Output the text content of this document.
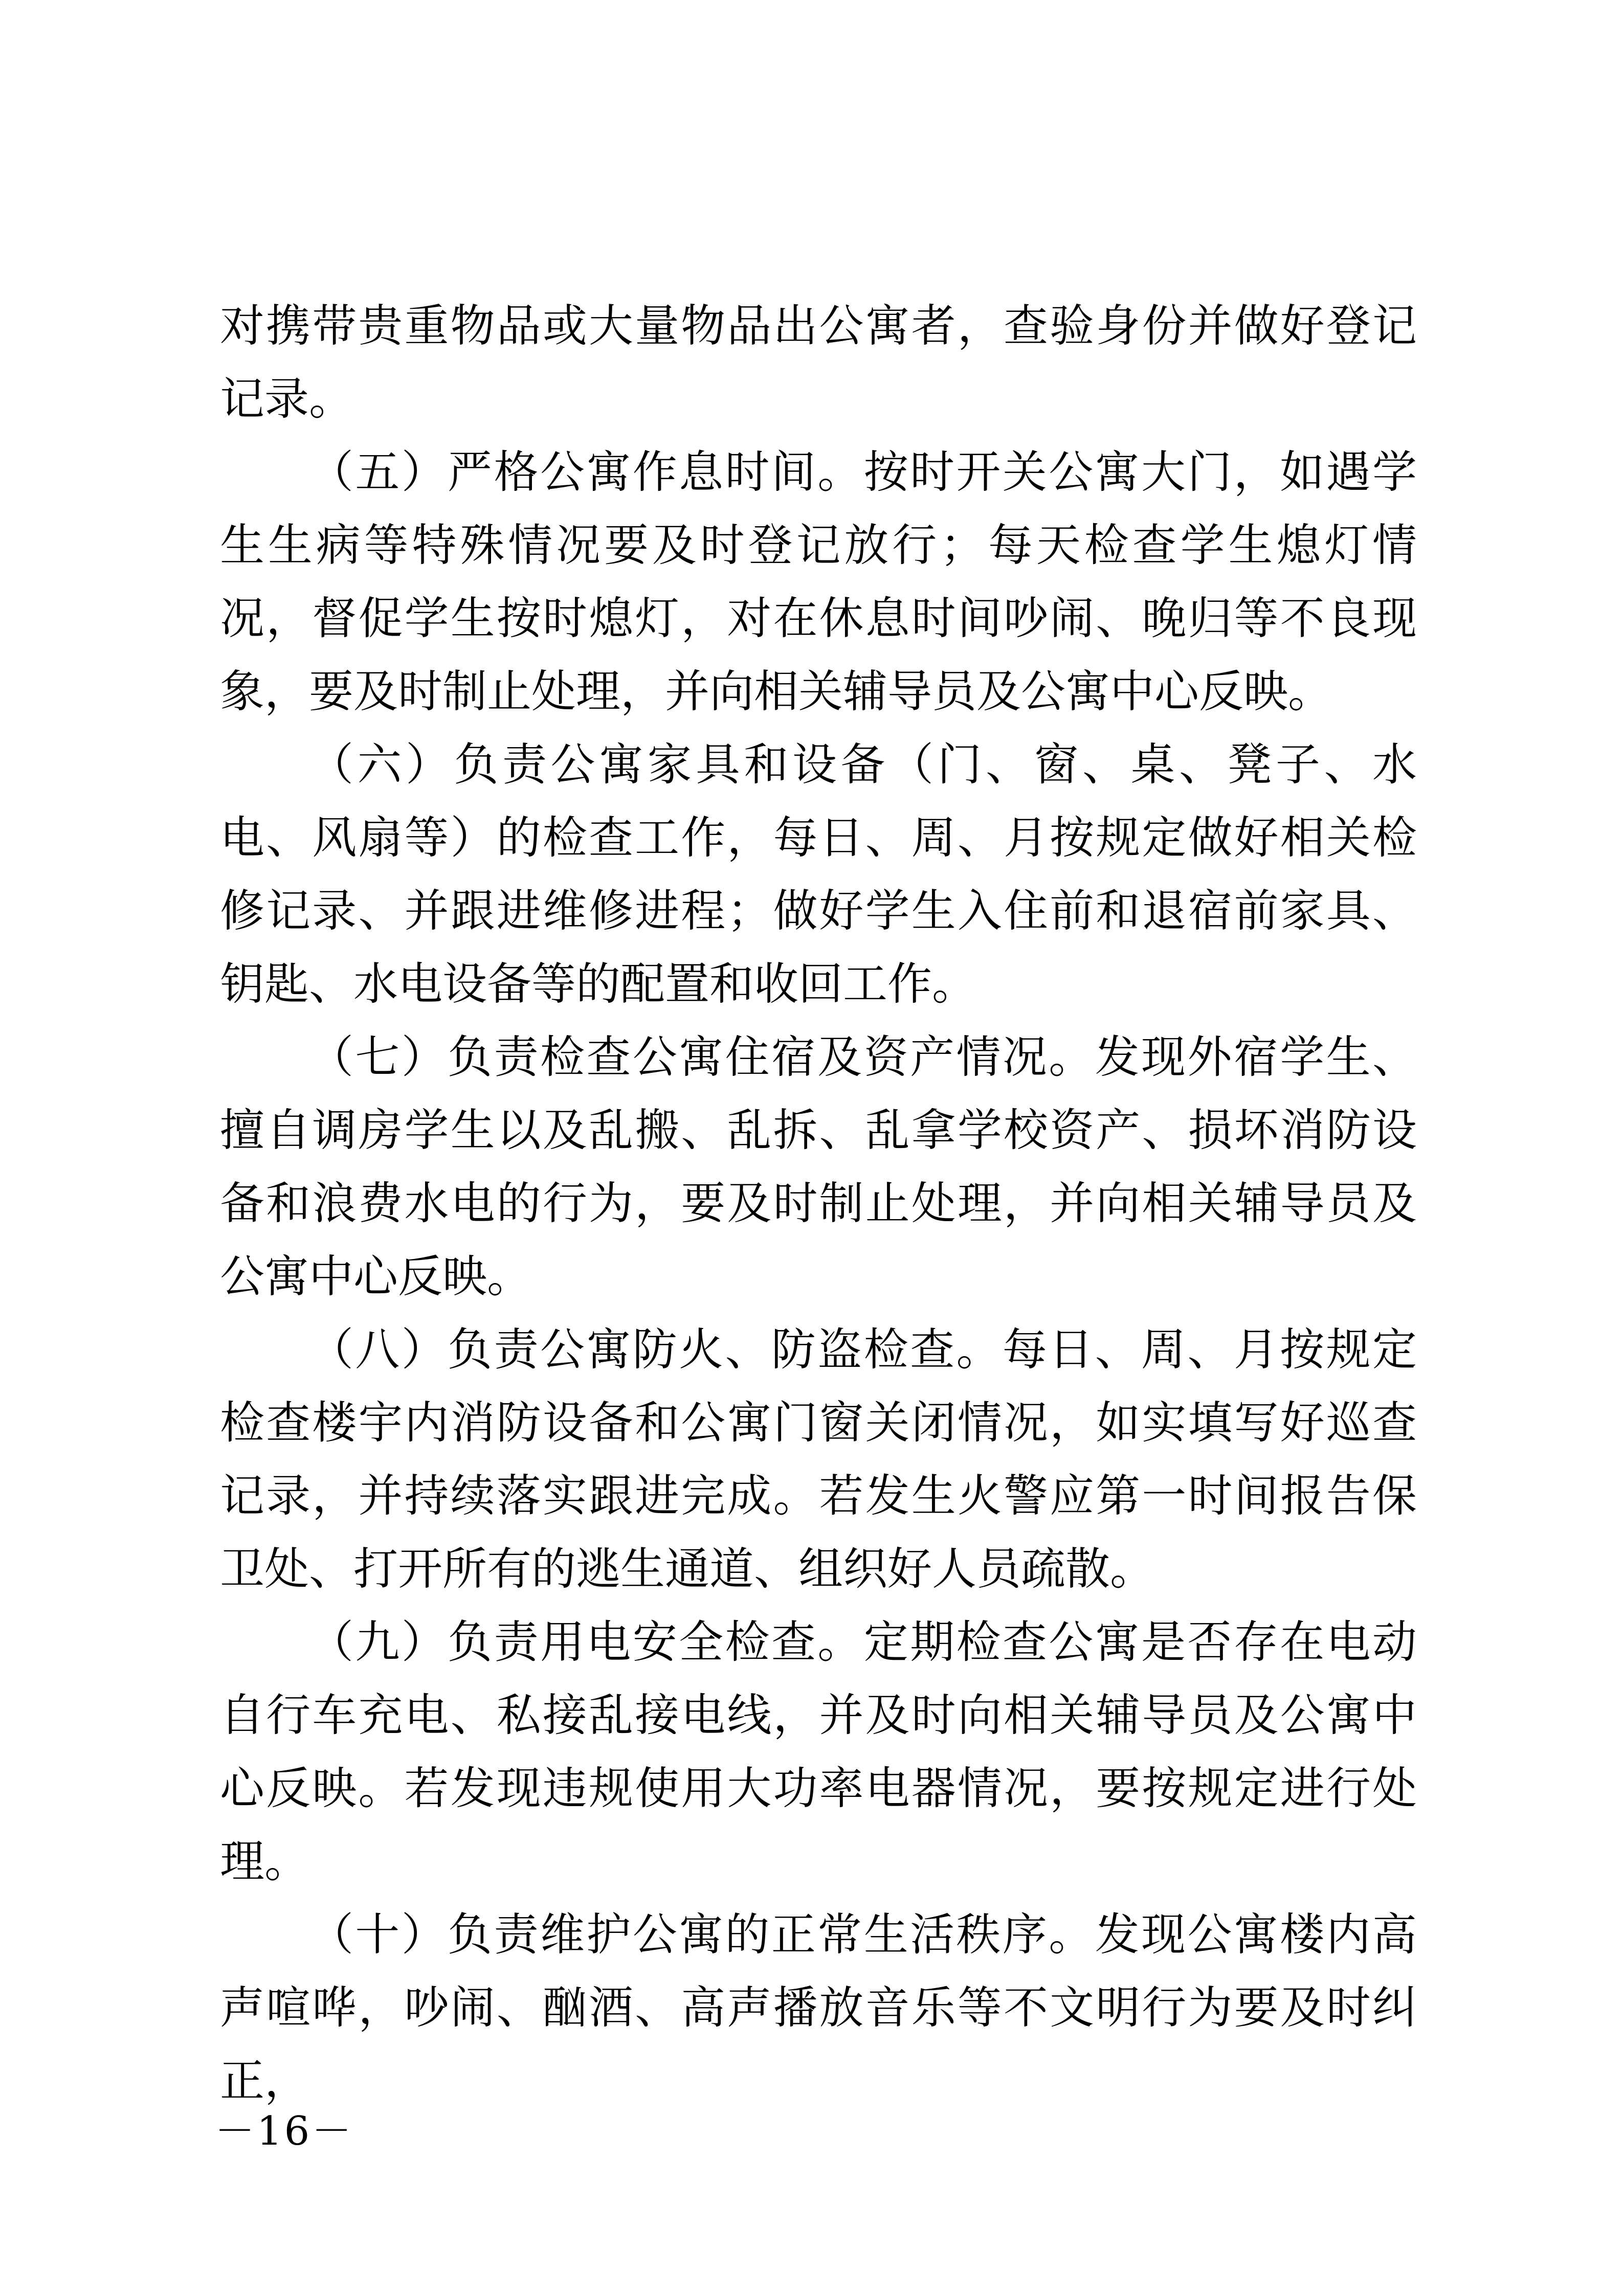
对携带贵重物品或大量物品出公寓者，查验身份并做好登记记录。

（五）严格公寓作息时间。按时开关公寓大门，如遇学生生病等特殊情况要及时登记放行；每天检查学生熄灯情况，督促学生按时熄灯，对在休息时间吵闹、晚归等不良现象，要及时制止处理，并向相关辅导员及公寓中心反映。

（六）负责公寓家具和设备（门、窗、桌、凳子、水电、风扇等）的检查工作，每日、周、月按规定做好相关检修记录、并跟进维修进程；做好学生入住前和退宿前家具、钥匙、水电设备等的配置和收回工作。

（七）负责检查公寓住宿及资产情况。发现外宿学生、擅自调房学生以及乱搬、乱拆、乱拿学校资产、损坏消防设备和浪费水电的行为，要及时制止处理，并向相关辅导员及公寓中心反映。

（八）负责公寓防火、防盗检查。每日、周、月按规定检查楼宇内消防设备和公寓门窗关闭情况，如实填写好巡查记录，并持续落实跟进完成。若发生火警应第一时间报告保卫处、打开所有的逃生通道、组织好人员疏散。

（九）负责用电安全检查。定期检查公寓是否存在电动自行车充电、私接乱接电线，并及时向相关辅导员及公寓中心反映。若发现违规使用大功率电器情况，要按规定进行处理。

（十）负责维护公寓的正常生活秩序。发现公寓楼内高声喧哗，吵闹、酗酒、高声播放音乐等不文明行为要及时纠正，

－16－
